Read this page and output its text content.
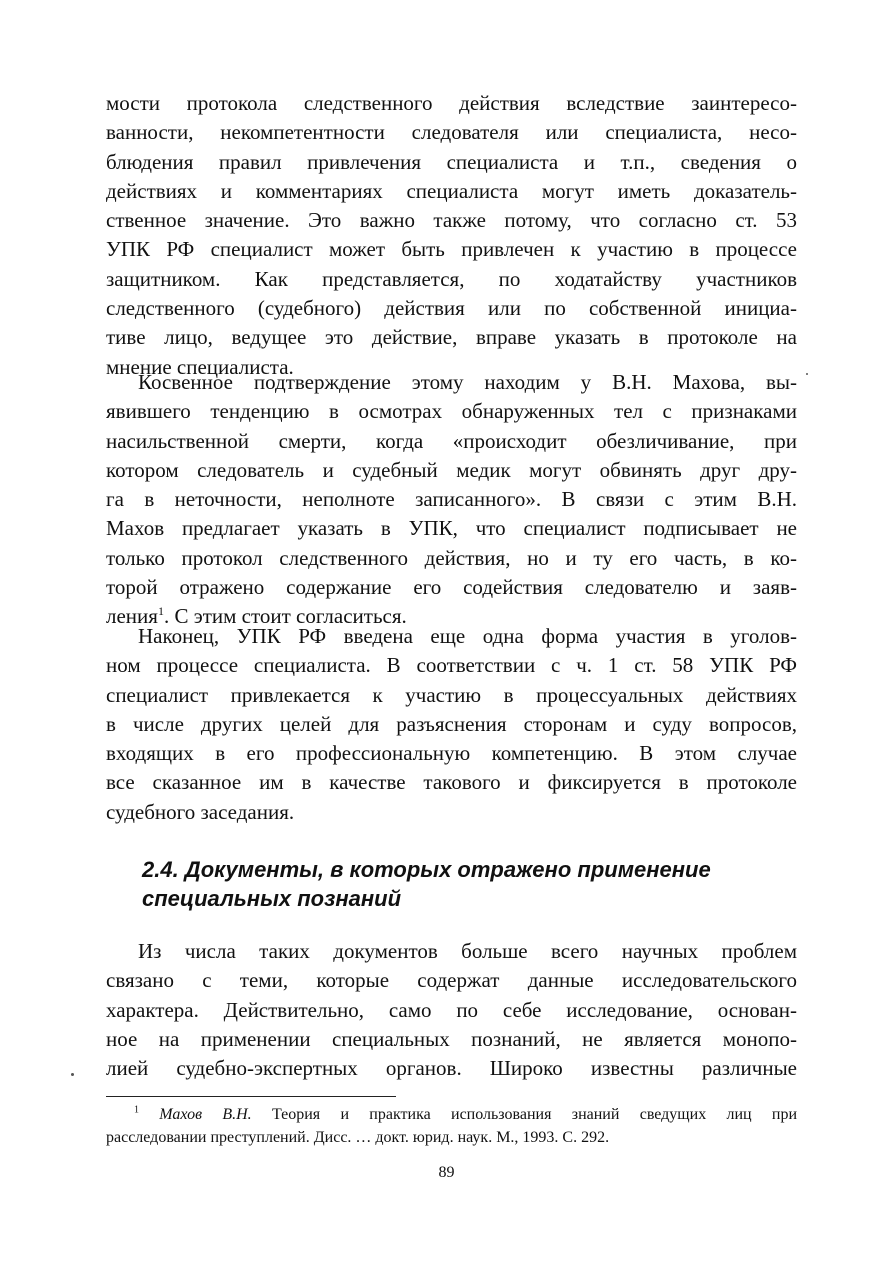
мости протокола следственного действия вследствие заинтересо-
ванности, некомпетентности следователя или специалиста, несо-
блюдения правил привлечения специалиста и т.п., сведения о
действиях и комментариях специалиста могут иметь доказатель-
ственное значение. Это важно также потому, что согласно ст. 53
УПК РФ специалист может быть привлечен к участию в процессе
защитником. Как представляется, по ходатайству участников
следственного (судебного) действия или по собственной инициа-
тиве лицо, ведущее это действие, вправе указать в протоколе на
мнение специалиста.
Косвенное подтверждение этому находим у В.Н. Махова, вы-
явившего тенденцию в осмотрах обнаруженных тел с признаками
насильственной смерти, когда «происходит обезличивание, при
котором следователь и судебный медик могут обвинять друг дру-
га в неточности, неполноте записанного». В связи с этим В.Н.
Махов предлагает указать в УПК, что специалист подписывает не
только протокол следственного действия, но и ту его часть, в ко-
торой отражено содержание его содействия следователю и заяв-
ления$^1$. С этим стоит согласиться.
Наконец, УПК РФ введена еще одна форма участия в уголов-
ном процессе специалиста. В соответствии с ч. 1 ст. 58 УПК РФ
специалист привлекается к участию в процессуальных действиях
в числе других целей для разъяснения сторонам и суду вопросов,
входящих в его профессиональную компетенцию. В этом случае
все сказанное им в качестве такового и фиксируется в протоколе
судебного заседания.
2.4. Документы, в которых отражено применение
специальных познаний
Из числа таких документов больше всего научных проблем
связано с теми, которые содержат данные исследовательского
характера. Действительно, само по себе исследование, основан-
ное на применении специальных познаний, не является монопо-
лией судебно-экспертных органов. Широко известны различные
$^1$ Махов В.Н. Теория и практика использования знаний сведущих лиц при
расследовании преступлений. Дисс. … докт. юрид. наук. М., 1993. С. 292.
89
